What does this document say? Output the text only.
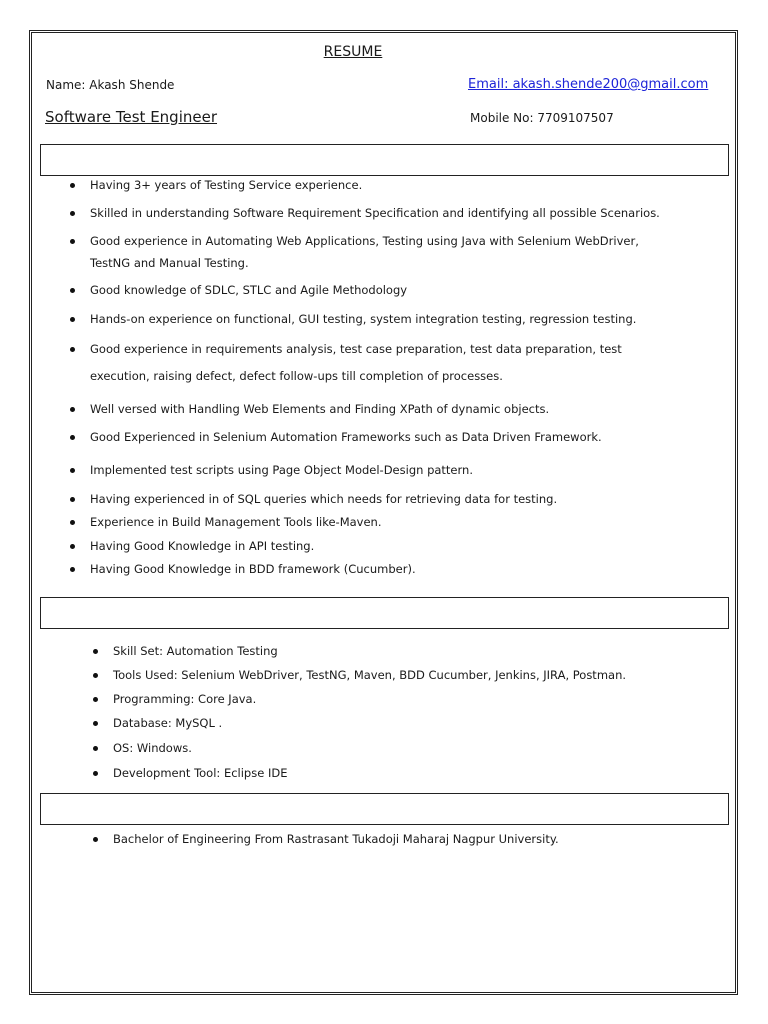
RESUME
Name: Akash Shende	Email: akash.shende200@gmail.com
Software Test Engineer	Mobile No: 7709107507
Having 3+ years of Testing Service experience.
Skilled in understanding Software Requirement Specification and identifying all possible Scenarios.
Good experience in Automating Web Applications, Testing using Java with Selenium WebDriver,
Good knowledge of SDLC, STLC and Agile Methodology
Hands-on experience on functional, GUI testing, system integration testing, regression testing.
Good experience in requirements analysis, test case preparation, test data preparation, test
Well versed with Handling Web Elements and Finding XPath of dynamic objects.
Good Experienced in Selenium Automation Frameworks such as Data Driven Framework.
Implemented test scripts using Page Object Model-Design pattern.
Having experienced in of SQL queries which needs for retrieving data for testing.
Experience in Build Management Tools like-Maven.
Having Good Knowledge in API testing.
Having Good Knowledge in BDD framework (Cucumber).
TestNG and Manual Testing.
execution, raising defect, defect follow-ups till completion of processes.
Skill Set: Automation Testing
Tools Used: Selenium WebDriver, TestNG, Maven, BDD Cucumber, Jenkins, JIRA, Postman.
Programming: Core Java.
Database: MySQL .
OS: Windows.
Development Tool: Eclipse IDE
Bachelor of Engineering From Rastrasant Tukadoji Maharaj Nagpur University.
